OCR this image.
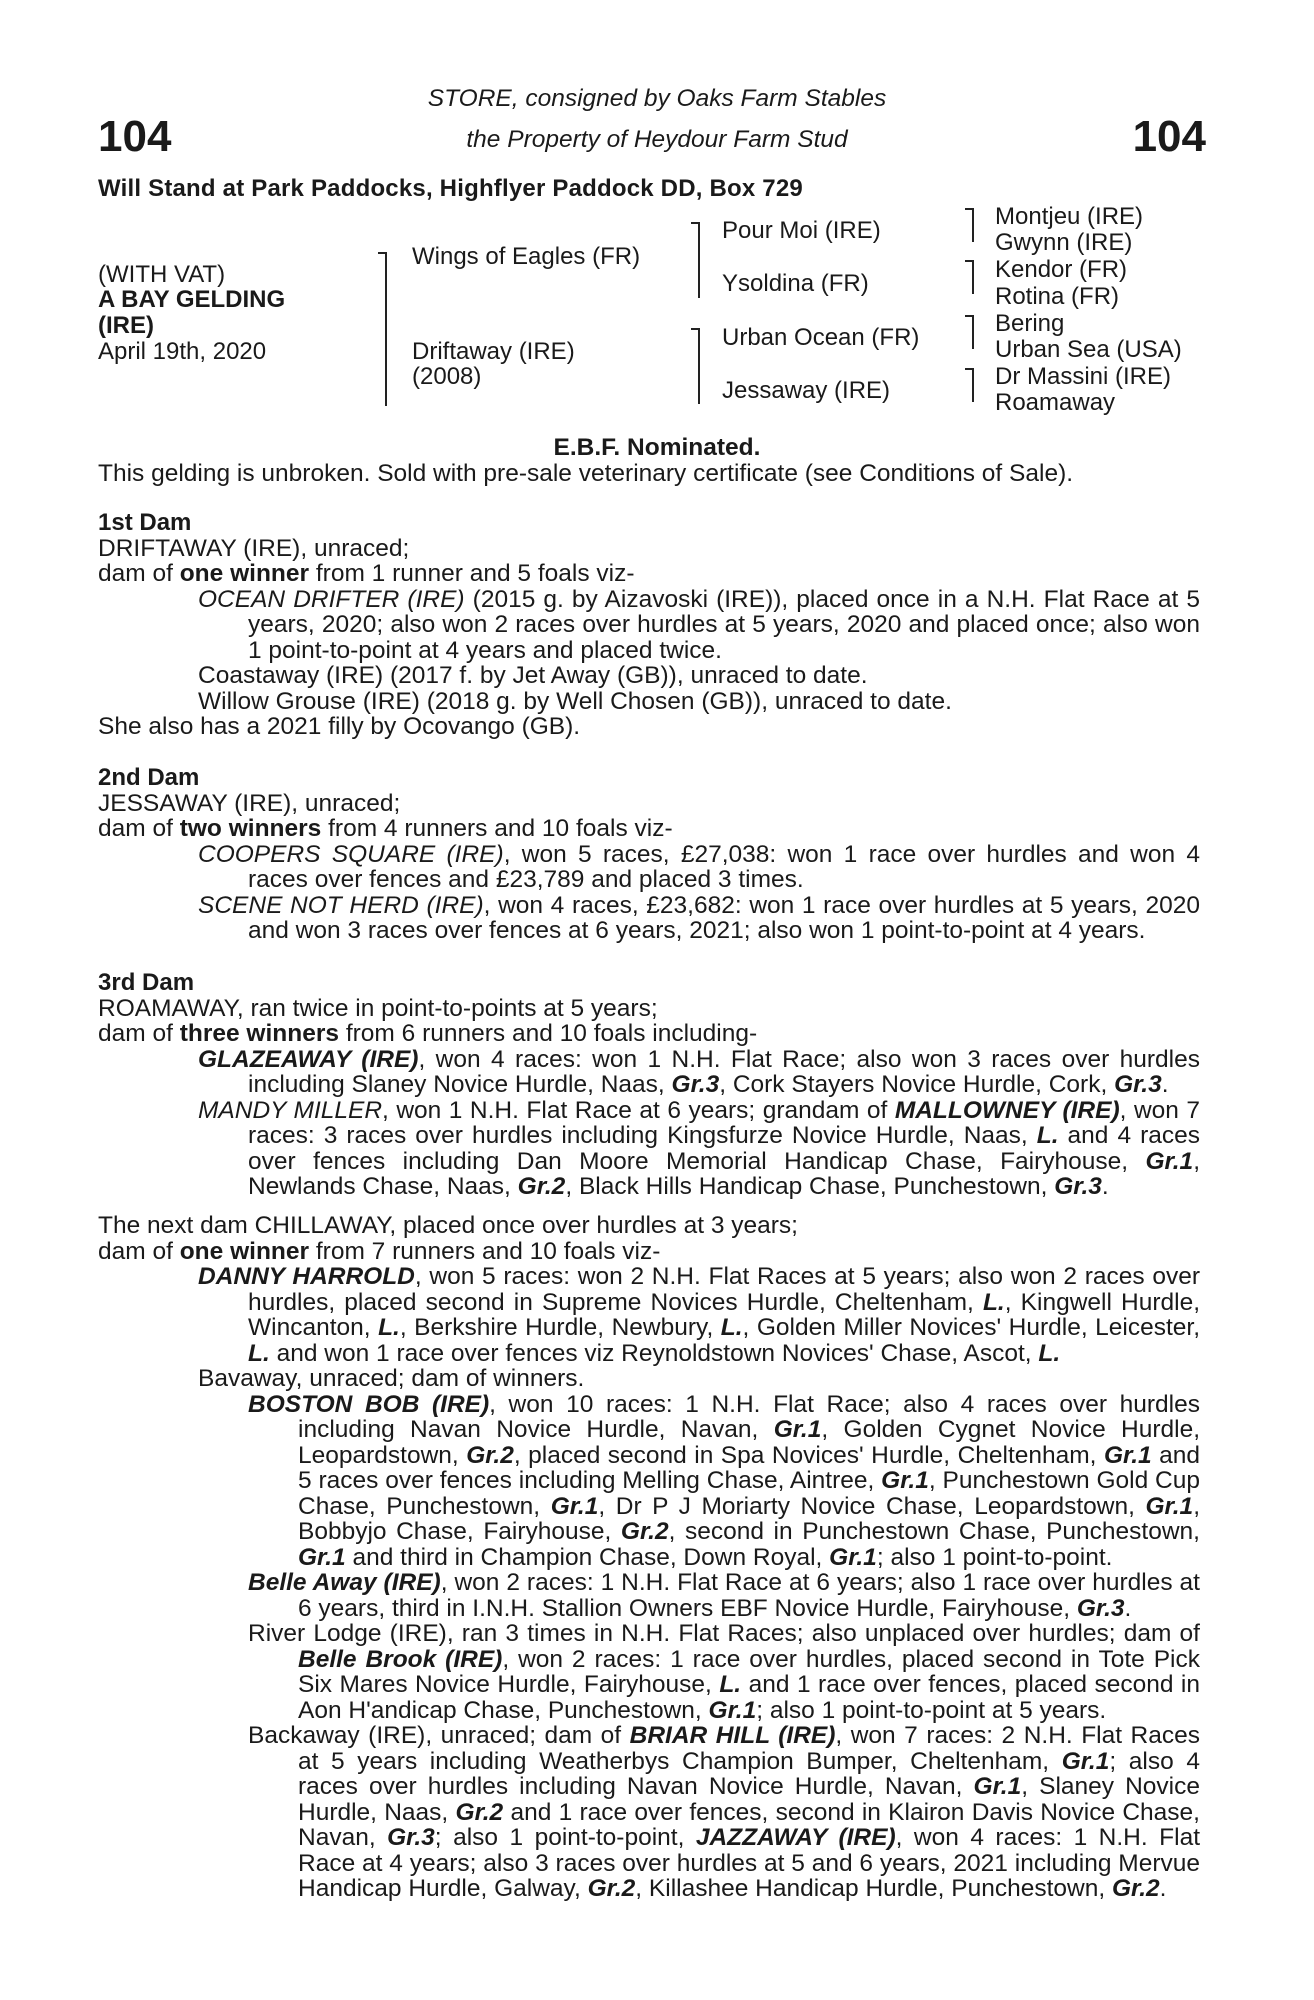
104	104
STORE, consigned by Oaks Farm Stables
the Property of Heydour Farm Stud
Will Stand at Park Paddocks, Highflyer Paddock DD, Box 729
(WITH VAT)
A BAY GELDING
(IRE)
April 19th, 2020
Wings of Eagles (FR)
Driftaway (IRE)
(2008)
Pour Moi (IRE)
Ysoldina (FR)
Urban Ocean (FR)
Jessaway (IRE)
Montjeu (IRE)
Gwynn (IRE)
Kendor (FR)
Rotina (FR)
Bering
Urban Sea (USA)
Dr Massini (IRE)
Roamaway
E.B.F. Nominated.
This gelding is unbroken. Sold with pre-sale veterinary certificate (see Conditions of Sale).

1st Dam

DRIFTAWAY (IRE), unraced;

dam of one winner from 1 runner and 5 foals viz-

OCEAN DRIFTER (IRE) (2015 g. by Aizavoski (IRE)), placed once in a N.H. Flat Race at 5 years, 2020; also won 2 races over hurdles at 5 years, 2020 and placed once; also won 1 point-to-point at 4 years and placed twice.

Coastaway (IRE) (2017 f. by Jet Away (GB)), unraced to date.

Willow Grouse (IRE) (2018 g. by Well Chosen (GB)), unraced to date.

She also has a 2021 filly by Ocovango (GB).

2nd Dam

JESSAWAY (IRE), unraced;

dam of two winners from 4 runners and 10 foals viz-

COOPERS SQUARE (IRE), won 5 races, £27,038: won 1 race over hurdles and won 4 races over fences and £23,789 and placed 3 times.

SCENE NOT HERD (IRE), won 4 races, £23,682: won 1 race over hurdles at 5 years, 2020 and won 3 races over fences at 6 years, 2021; also won 1 point-to-point at 4 years.

3rd Dam

ROAMAWAY, ran twice in point-to-points at 5 years;

dam of three winners from 6 runners and 10 foals including-

GLAZEAWAY (IRE), won 4 races: won 1 N.H. Flat Race; also won 3 races over hurdles including Slaney Novice Hurdle, Naas, Gr.3, Cork Stayers Novice Hurdle, Cork, Gr.3.

MANDY MILLER, won 1 N.H. Flat Race at 6 years; grandam of MALLOWNEY (IRE), won 7 races: 3 races over hurdles including Kingsfurze Novice Hurdle, Naas, L. and 4 races over fences including Dan Moore Memorial Handicap Chase, Fairyhouse, Gr.1, Newlands Chase, Naas, Gr.2, Black Hills Handicap Chase, Punchestown, Gr.3.

The next dam CHILLAWAY, placed once over hurdles at 3 years;

dam of one winner from 7 runners and 10 foals viz-

DANNY HARROLD, won 5 races: won 2 N.H. Flat Races at 5 years; also won 2 races over hurdles, placed second in Supreme Novices Hurdle, Cheltenham, L., Kingwell Hurdle, Wincanton, L., Berkshire Hurdle, Newbury, L., Golden Miller Novices' Hurdle, Leicester, L. and won 1 race over fences viz Reynoldstown Novices' Chase, Ascot, L.

Bavaway, unraced; dam of winners.

BOSTON BOB (IRE), won 10 races: 1 N.H. Flat Race; also 4 races over hurdles including Navan Novice Hurdle, Navan, Gr.1, Golden Cygnet Novice Hurdle, Leopardstown, Gr.2, placed second in Spa Novices' Hurdle, Cheltenham, Gr.1 and 5 races over fences including Melling Chase, Aintree, Gr.1, Punchestown Gold Cup Chase, Punchestown, Gr.1, Dr P J Moriarty Novice Chase, Leopardstown, Gr.1, Bobbyjo Chase, Fairyhouse, Gr.2, second in Punchestown Chase, Punchestown, Gr.1 and third in Champion Chase, Down Royal, Gr.1; also 1 point-to-point.

Belle Away (IRE), won 2 races: 1 N.H. Flat Race at 6 years; also 1 race over hurdles at 6 years, third in I.N.H. Stallion Owners EBF Novice Hurdle, Fairyhouse, Gr.3.

River Lodge (IRE), ran 3 times in N.H. Flat Races; also unplaced over hurdles; dam of Belle Brook (IRE), won 2 races: 1 race over hurdles, placed second in Tote Pick Six Mares Novice Hurdle, Fairyhouse, L. and 1 race over fences, placed second in Aon H'andicap Chase, Punchestown, Gr.1; also 1 point-to-point at 5 years.

Backaway (IRE), unraced; dam of BRIAR HILL (IRE), won 7 races: 2 N.H. Flat Races at 5 years including Weatherbys Champion Bumper, Cheltenham, Gr.1; also 4 races over hurdles including Navan Novice Hurdle, Navan, Gr.1, Slaney Novice Hurdle, Naas, Gr.2 and 1 race over fences, second in Klairon Davis Novice Chase, Navan, Gr.3; also 1 point-to-point, JAZZAWAY (IRE), won 4 races: 1 N.H. Flat Race at 4 years; also 3 races over hurdles at 5 and 6 years, 2021 including Mervue Handicap Hurdle, Galway, Gr.2, Killashee Handicap Hurdle, Punchestown, Gr.2.
